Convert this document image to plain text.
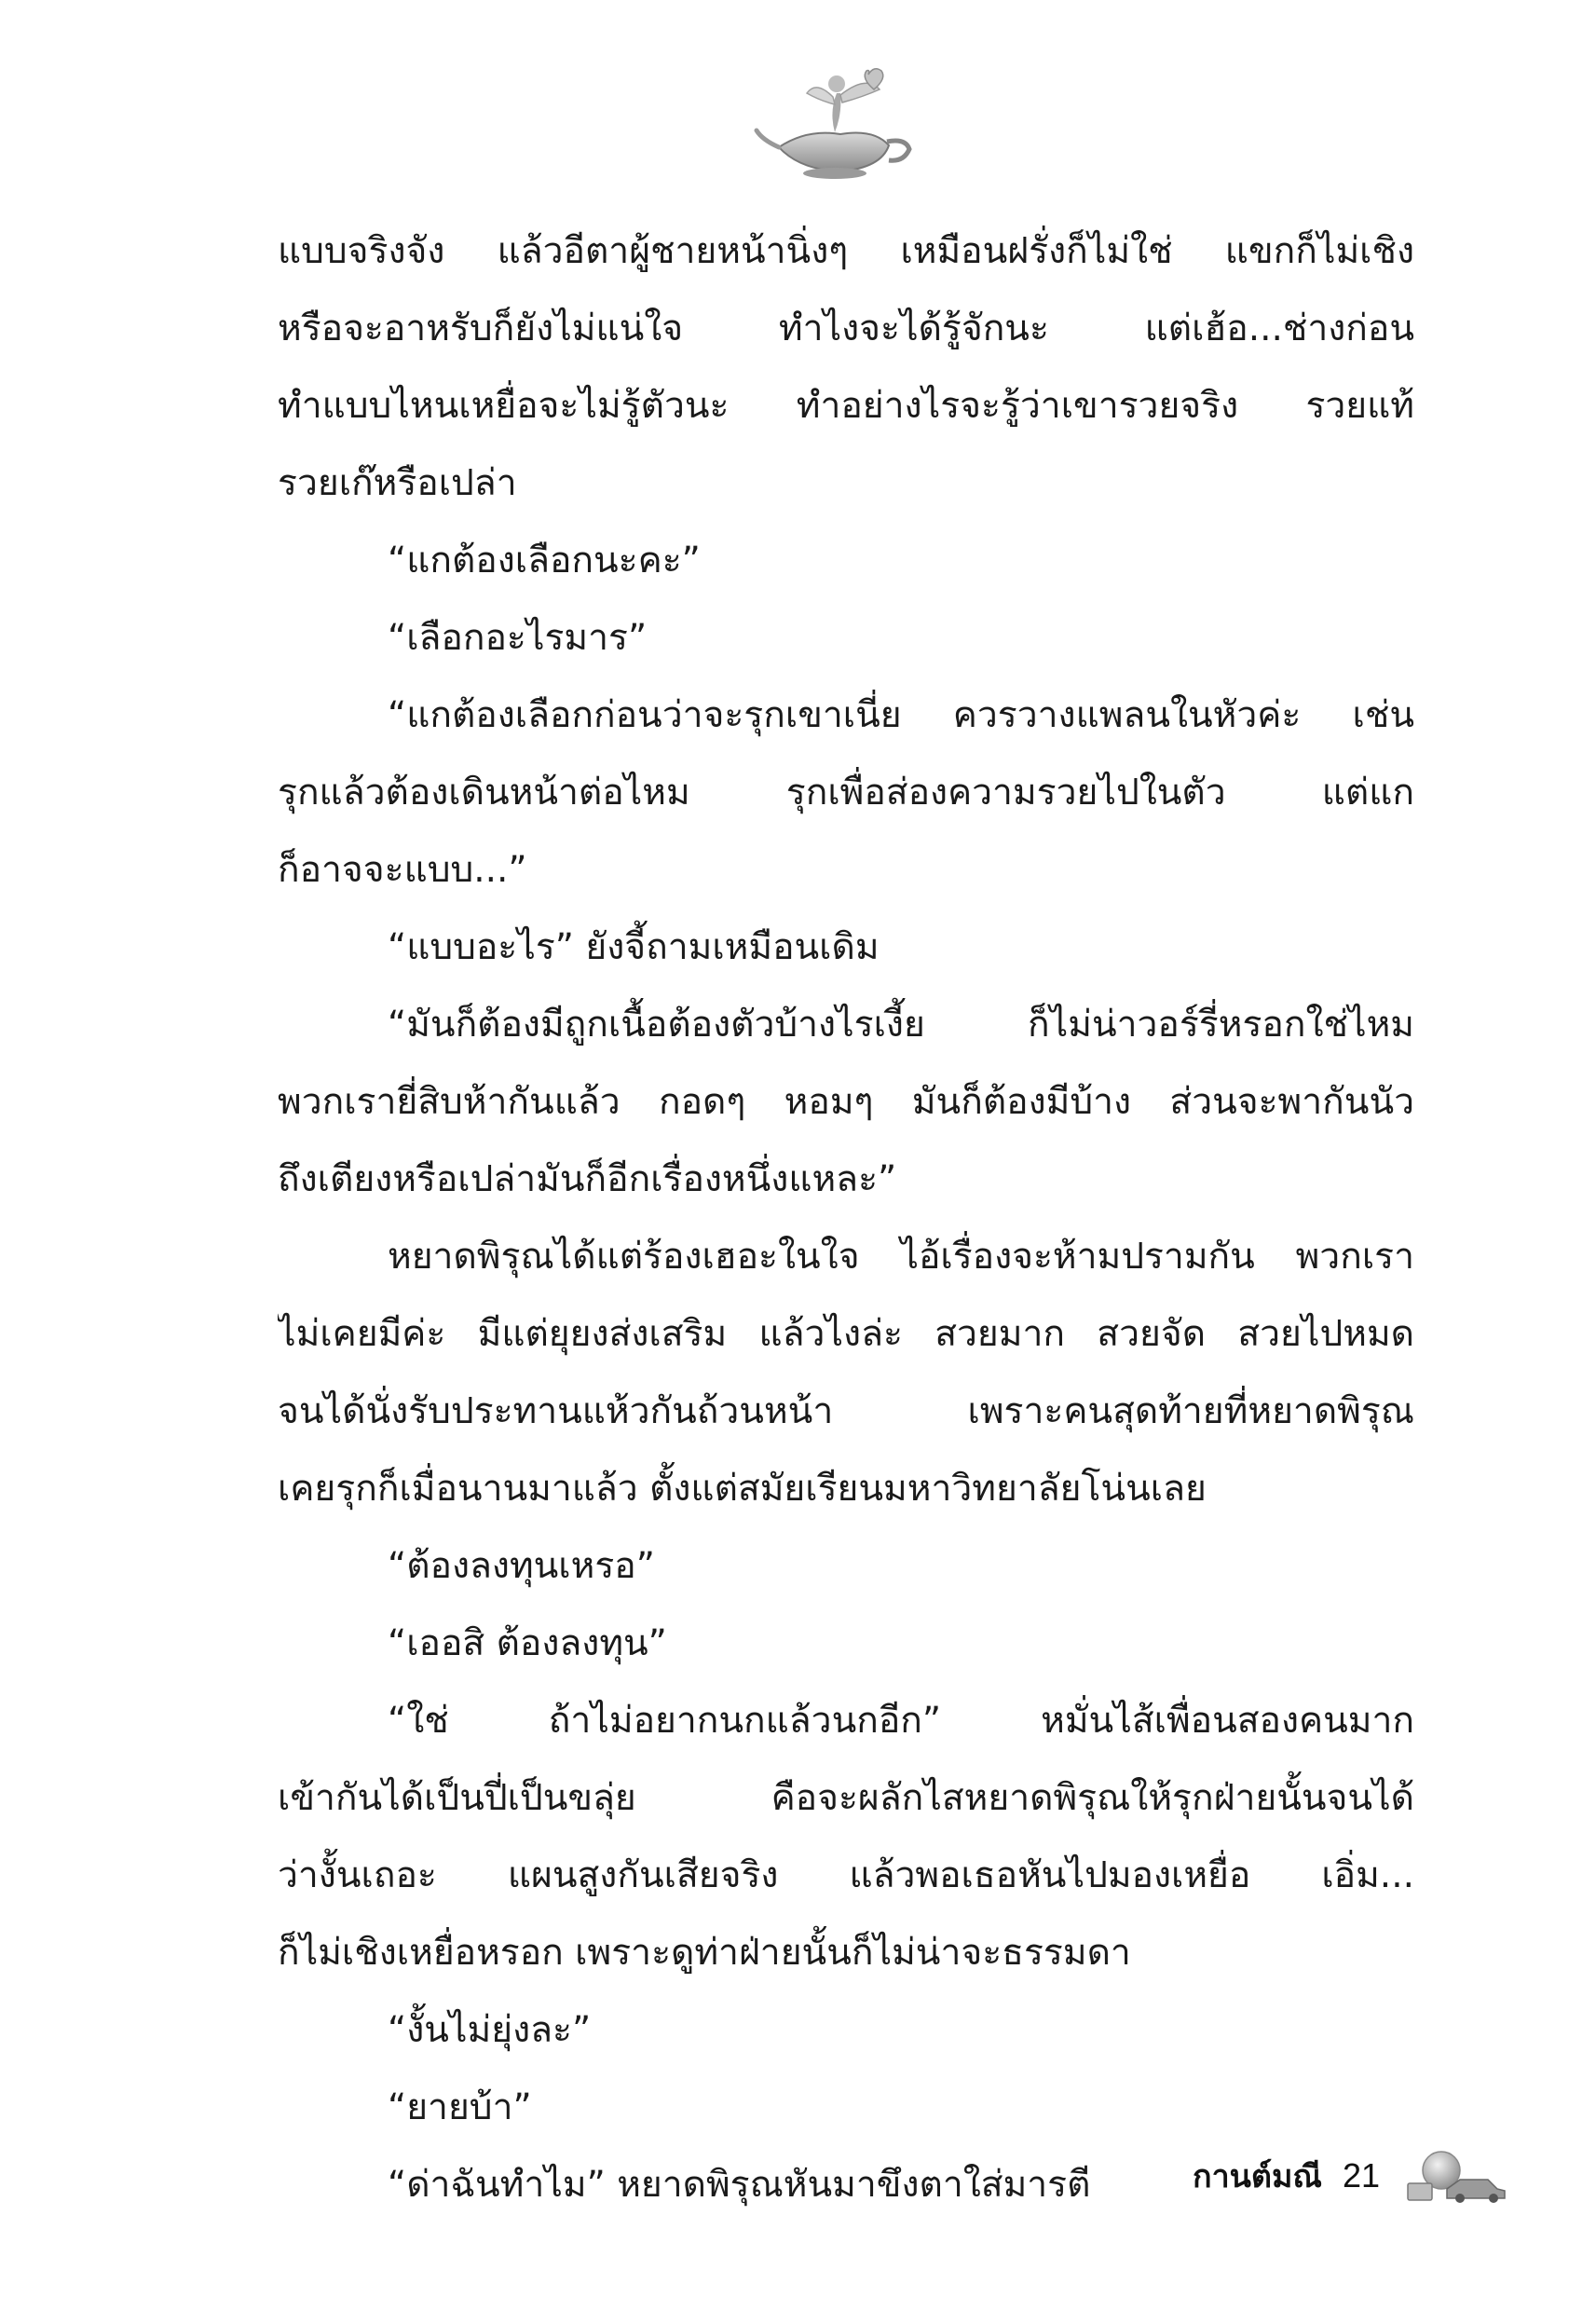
แบบจริงจัง แล้วอีตาผู้ชายหน้านิ่งๆ เหมือนฝรั่งก็ไม่ใช่ แขกก็ไม่เชิง
หรือจะอาหรับก็ยังไม่แน่ใจ ทำไงจะได้รู้จักนะ แต่เฮ้อ...ช่างก่อน
ทำแบบไหนเหยื่อจะไม่รู้ตัวนะ ทำอย่างไรจะรู้ว่าเขารวยจริง รวยแท้
รวยเก๊หรือเปล่า
“แกต้องเลือกนะคะ”
“เลือกอะไรมาร”
“แกต้องเลือกก่อนว่าจะรุกเขาเนี่ย ควรวางแพลนในหัวค่ะ เช่น
รุกแล้วต้องเดินหน้าต่อไหม รุกเพื่อส่องความรวยไปในตัว แต่แก
ก็อาจจะแบบ...”
“แบบอะไร” ยังจี้ถามเหมือนเดิม
“มันก็ต้องมีถูกเนื้อต้องตัวบ้างไรเงี้ย ก็ไม่น่าวอร์รี่หรอกใช่ไหม
พวกเรายี่สิบห้ากันแล้ว กอดๆ หอมๆ มันก็ต้องมีบ้าง ส่วนจะพากันนัว
ถึงเตียงหรือเปล่ามันก็อีกเรื่องหนึ่งแหละ”
หยาดพิรุณได้แต่ร้องเฮอะในใจ ไอ้เรื่องจะห้ามปรามกัน พวกเรา
ไม่เคยมีค่ะ มีแต่ยุยงส่งเสริม แล้วไงล่ะ สวยมาก สวยจัด สวยไปหมด
จนได้นั่งรับประทานแห้วกันถ้วนหน้า เพราะคนสุดท้ายที่หยาดพิรุณ
เคยรุกก็เมื่อนานมาแล้ว ตั้งแต่สมัยเรียนมหาวิทยาลัยโน่นเลย
“ต้องลงทุนเหรอ”
“เออสิ ต้องลงทุน”
“ใช่ ถ้าไม่อยากนกแล้วนกอีก” หมั่นไส้เพื่อนสองคนมาก
เข้ากันได้เป็นปี่เป็นขลุ่ย คือจะผลักไสหยาดพิรุณให้รุกฝ่ายนั้นจนได้
ว่างั้นเถอะ แผนสูงกันเสียจริง แล้วพอเธอหันไปมองเหยื่อ เอิ่ม...
ก็ไม่เชิงเหยื่อหรอก เพราะดูท่าฝ่ายนั้นก็ไม่น่าจะธรรมดา
“งั้นไม่ยุ่งละ”
“ยายบ้า”
“ด่าฉันทำไม” หยาดพิรุณหันมาขึงตาใส่มารตี	กานต์มณี 21
